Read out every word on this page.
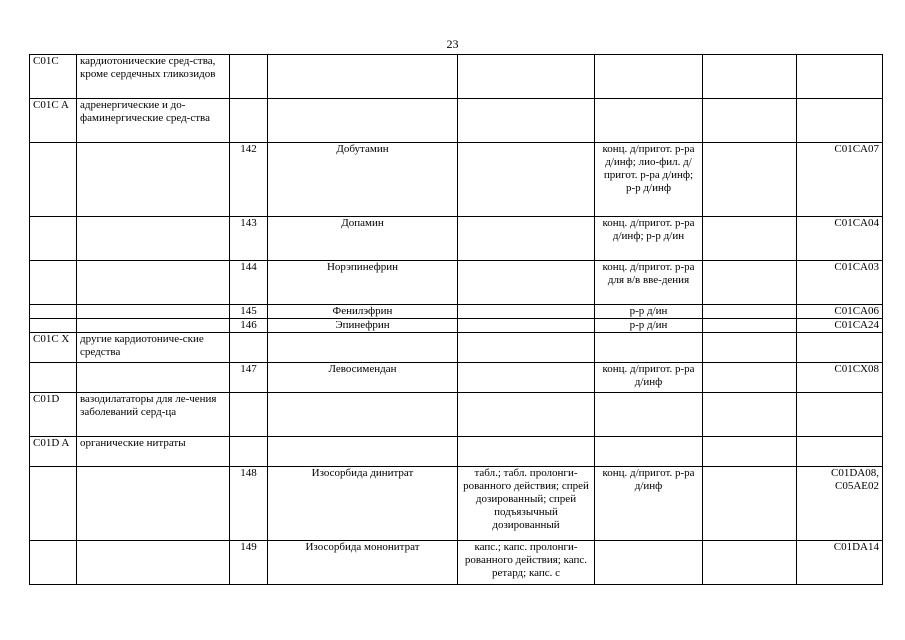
23
C01C	кардиотонические сред-ства, кроме сердечных гликозидов						
C01C A	адренергические и до-фаминергические сред-ства						
		142	Добутамин		конц. д/пригот. р-ра д/инф; лио-фил. д/пригот. р-ра д/инф; р-р д/инф		C01CA07
		143	Допамин		конц. д/пригот. р-ра д/инф; р-р д/ин		C01CA04
		144	Норэпинефрин		конц. д/пригот. р-ра для в/в вве-дения		C01CA03
		145	Фенилэфрин		р-р д/ин		C01CA06
		146	Эпинефрин		р-р д/ин		C01CA24
C01C X	другие кардиотониче-ские средства						
		147	Левосимендан		конц. д/пригот. р-ра д/инф		C01CX08
C01D	вазодилататоры для ле-чения заболеваний серд-ца						
C01D A	органические нитраты						
		148	Изосорбида динитрат	табл.; табл. пролонги-рованного действия; спрей дозированный; спрей подъязычный дозированный	конц. д/пригот. р-ра д/инф		C01DA08, C05AE02
		149	Изосорбида мононитрат	капс.; капс. пролонги-рованного действия; капс. ретард; капс. с			C01DA14
